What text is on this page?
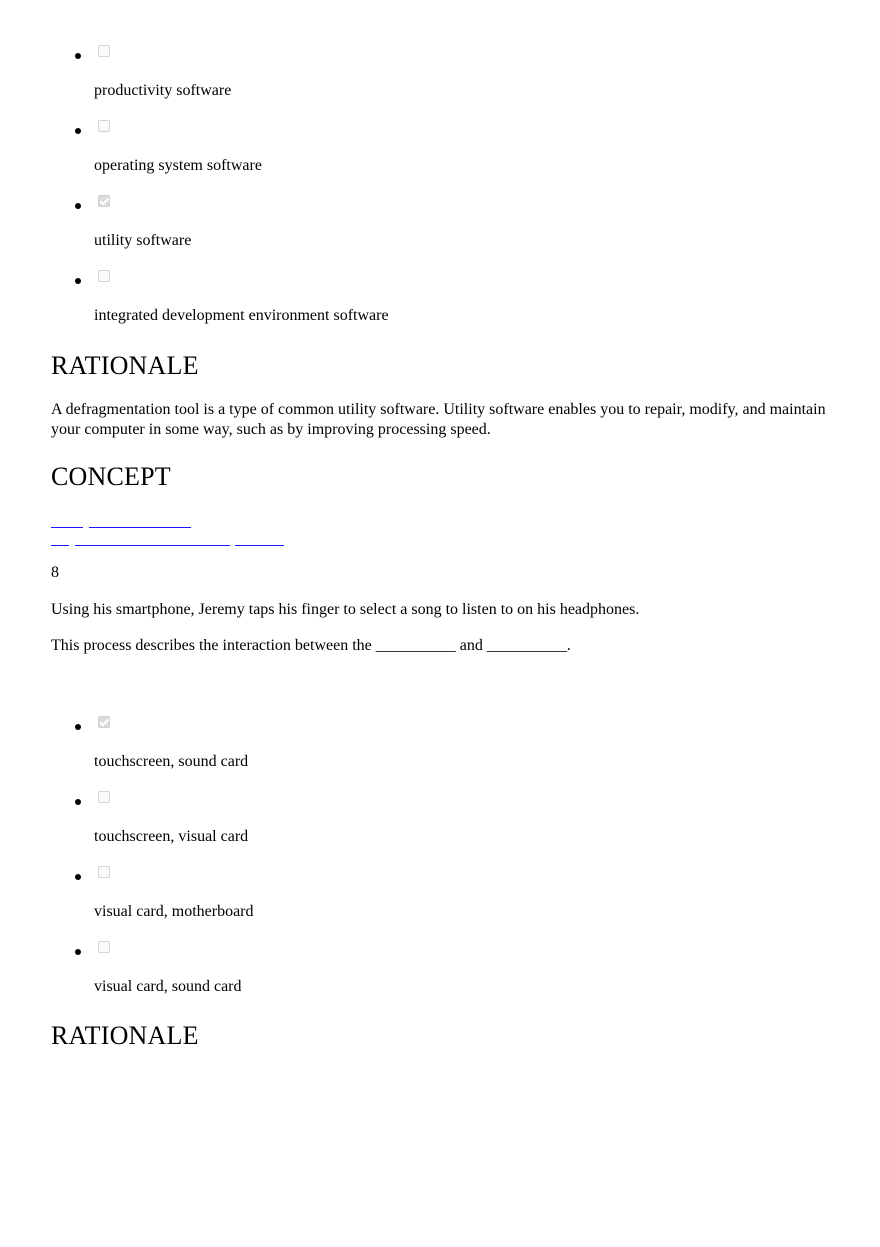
productivity software
operating system software
utility software
integrated development environment software
RATIONALE

A defragmentation tool is a type of common utility software. Utility software enables you to repair, modify, and maintain your computer in some way, such as by improving processing speed.

CONCEPT

8

Using his smartphone, Jeremy taps his finger to select a song to listen to on his headphones.

This process describes the interaction between the __________ and __________.

touchscreen, sound card
touchscreen, visual card
visual card, motherboard
visual card, sound card
RATIONALE
